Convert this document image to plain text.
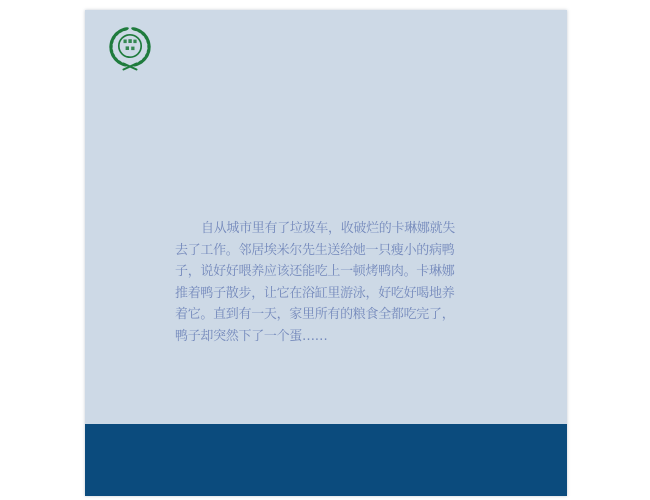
自从城市里有了垃圾车，收破烂的卡琳娜就失
去了工作。邻居埃米尔先生送给她一只瘦小的病鸭
子，说好好喂养应该还能吃上一顿烤鸭肉。卡琳娜
推着鸭子散步，让它在浴缸里游泳，好吃好喝地养
着它。直到有一天，家里所有的粮食全都吃完了，
鸭子却突然下了一个蛋……
